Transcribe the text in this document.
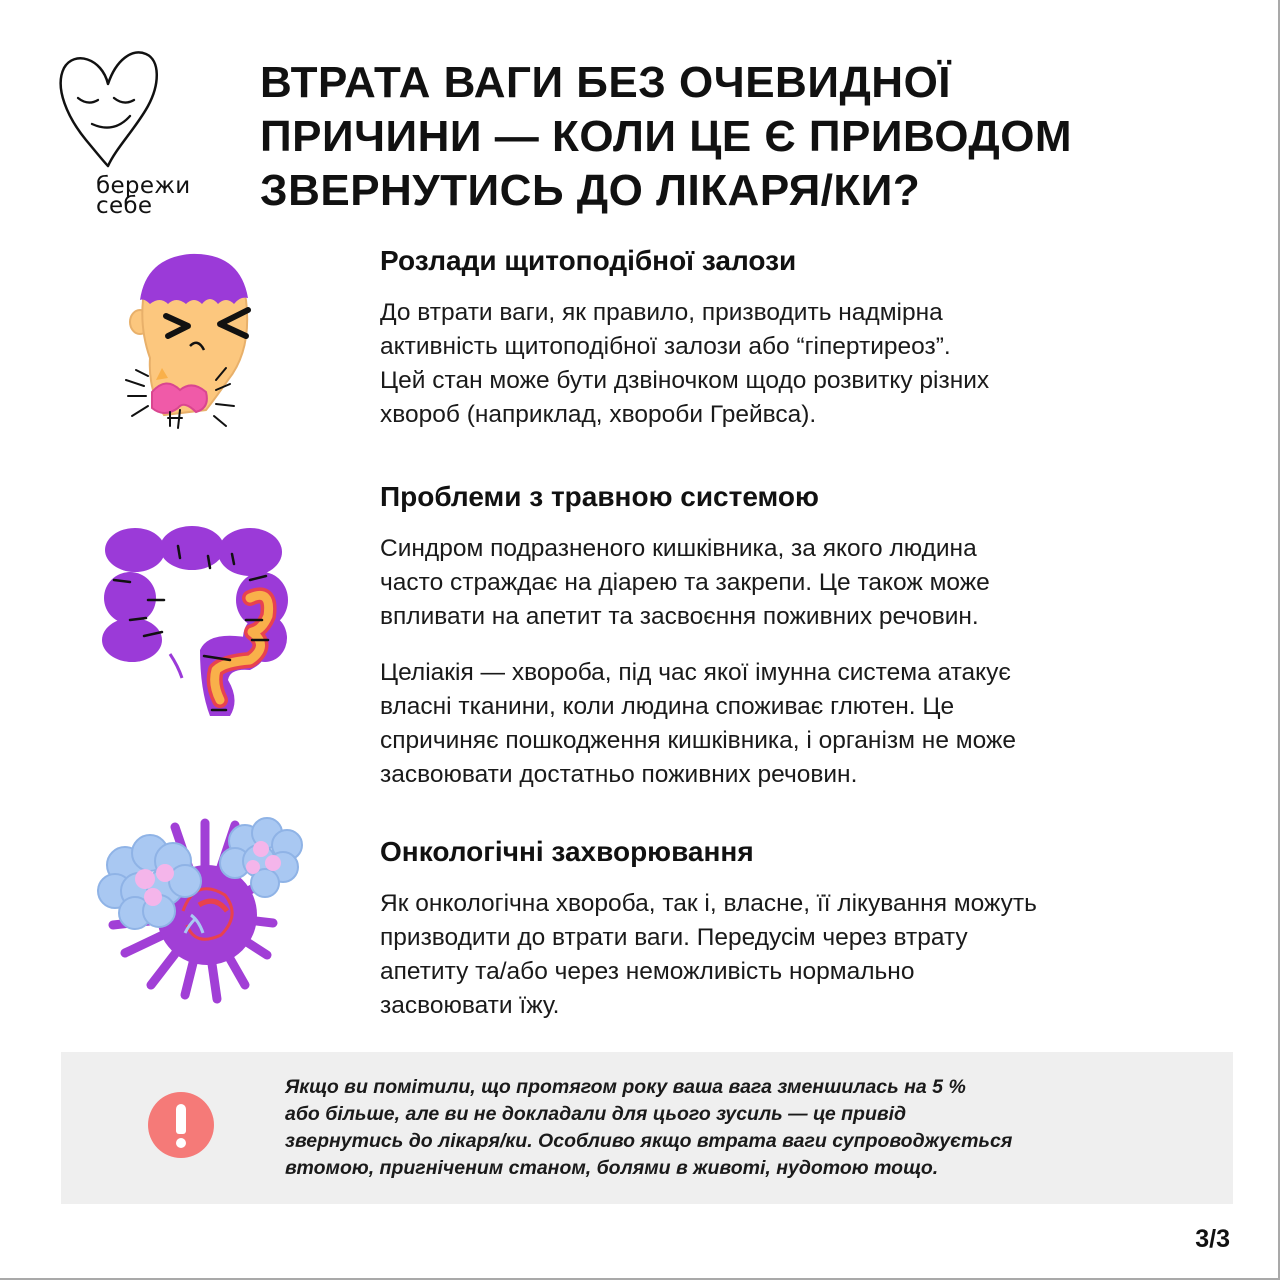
бережи
себе
ВТРАТА ВАГИ БЕЗ ОЧЕВИДНОЇ
ПРИЧИНИ — КОЛИ ЦЕ Є ПРИВОДОМ
ЗВЕРНУТИСЬ ДО ЛІКАРЯ/КИ?
Розлади щитоподібної залози

До втрати ваги, як правило, призводить надмірна
активність щитоподібної залози або “гіпертиреоз”.
Цей стан може бути дзвіночком щодо розвитку різних
хвороб (наприклад, хвороби Грейвса).

Проблеми з травною системою

Синдром подразненого кишківника, за якого людина
часто страждає на діарею та закрепи. Це також може
впливати на апетит та засвоєння поживних речовин.

Целіакія — хвороба, під час якої імунна система атакує
власні тканини, коли людина споживає глютен. Це
спричиняє пошкодження кишківника, і організм не може
засвоювати достатньо поживних речовин.

Онкологічні захворювання

Як онкологічна хвороба, так і, власне, її лікування можуть
призводити до втрати ваги. Передусім через втрату
апетиту та/або через неможливість нормально
засвоювати їжу.

Якщо ви помітили, що протягом року ваша вага зменшилась на 5 %
або більше, але ви не докладали для цього зусиль — це привід
звернутись до лікаря/ки. Особливо якщо втрата ваги супроводжується
втомою, пригніченим станом, болями в животі, нудотою тощо.
3/3
